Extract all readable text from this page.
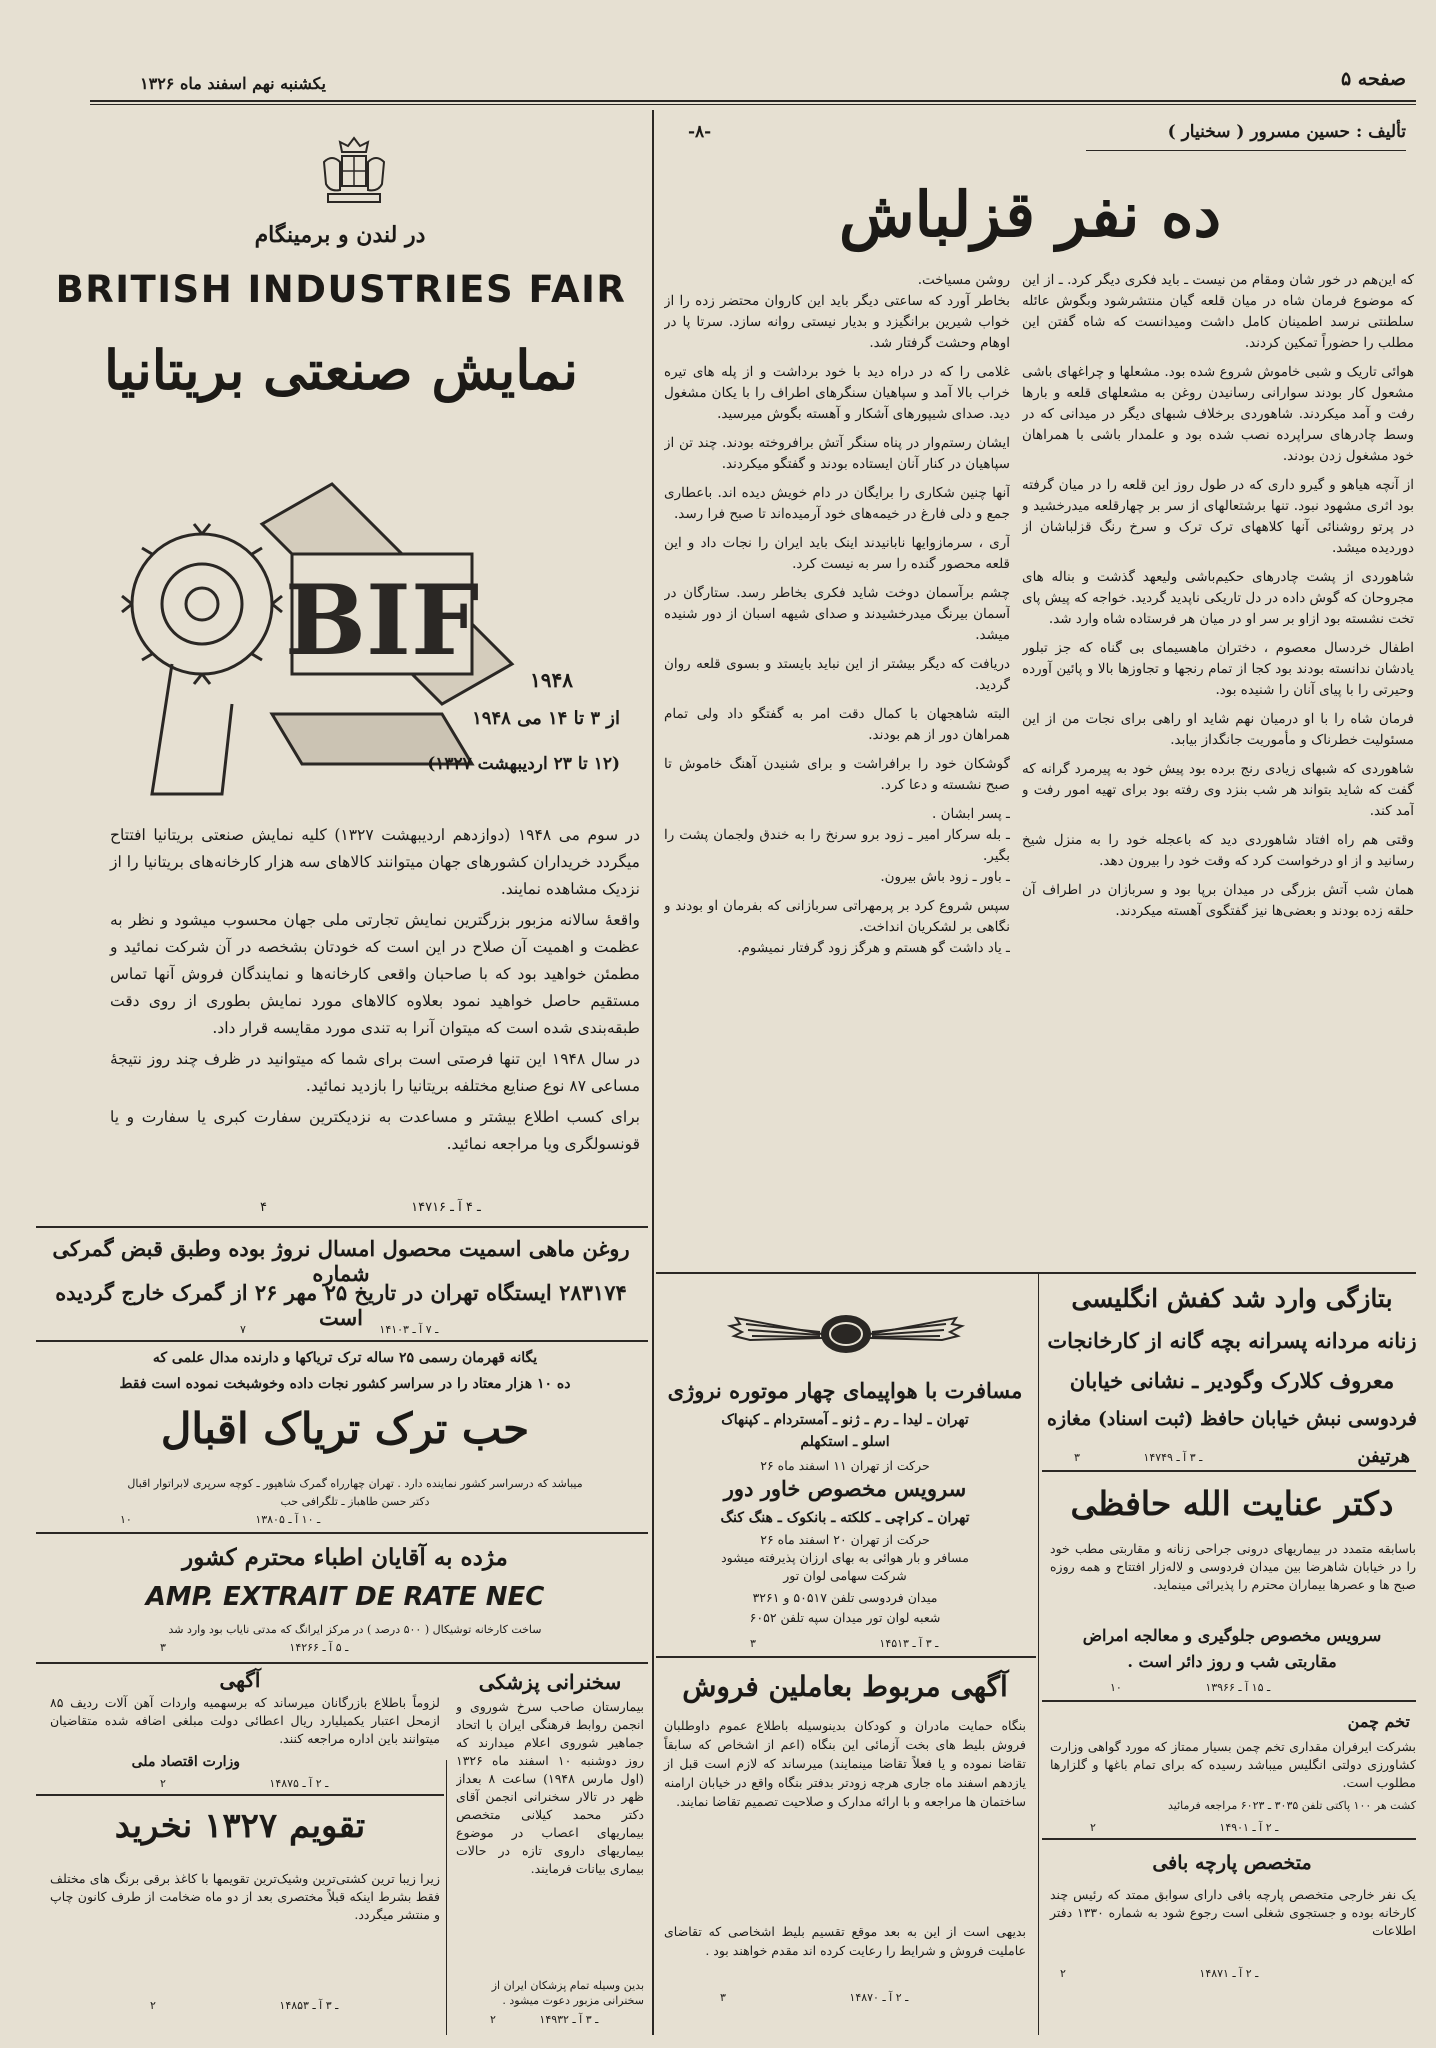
صفحه ۵
یکشنبه نهم اسفند ماه ۱۳۲۶
تألیف : حسین مسرور ( سخنیار )
-۸-
ده نفر قزلباش

که این‌هم در خور شان ومقام من نیست ـ باید فکری دیگر کرد. ـ از این که موضوع فرمان شاه در میان قلعه گیان منتشرشود وبگوش عائله سلطنتی نرسد اطمینان کامل داشت ومیدانست که شاه گفتن این مطلب را حضوراً تمکین کردند.

هوائی تاریک و شبی خاموش شروع شده بود. مشعلها و چراغهای باشی مشعول کار بودند سوارانی رسانیدن روغن به مشعلهای قلعه و بارها رفت و آمد میکردند. شاهوردی برخلاف شبهای دیگر در میدانی که در وسط چادرهای سراپرده نصب شده بود و علمدار باشی با همراهان خود مشغول زدن بودند.

از آنچه هیاهو و گیرو داری که در طول روز این قلعه را در میان گرفته بود اثری مشهود نبود. تنها برشتعالهای از سر بر چهارقلعه میدرخشید و در پرتو روشنائی آنها کلاههای ترک ترک و سرخ رنگ قزلباشان از دوردیده میشد.

شاهوردی از پشت چادرهای حکیم‌باشی ولیعهد گذشت و بناله های مجروحان که گوش داده در دل تاریکی ناپدید گردید. خواجه که پیش پای تخت نشسته بود ازاو بر سر او در میان هر فرستاده شاه وارد شد.

اطفال خردسال معصوم ، دختران ماهسیمای بی گناه که جز تبلور یادشان ندانسته بودند بود کجا از تمام رنجها و تجاوزها بالا و پائین آورده وحیرتی را با پیای آنان را شنیده بود.

فرمان شاه را با او درمیان نهم شاید او راهی برای نجات من از این مسئولیت خطرناک و مأموریت جانگداز بیابد.

شاهوردی که شبهای زیادی رنج برده بود پیش خود به پیرمرد گرانه که گفت که شاید بتواند هر شب بنزد وی رفته بود برای تهیه امور رفت و آمد کند.

وقتی هم راه افتاد شاهوردی دید که باعجله خود را به منزل شیخ رسانید و از او درخواست کرد که وقت خود را بیرون دهد.

همان شب آتش بزرگی در میدان برپا بود و سربازان در اطراف آن حلقه زده بودند و بعضی‌ها نیز گفتگوی آهسته میکردند.

روشن مسیاخت.

بخاطر آورد که ساعتی دیگر باید این کاروان محتضر زده را از خواب شیرین برانگیزد و بدیار نیستی روانه سازد. سرتا پا در اوهام وحشت گرفتار شد.

غلامی را که در دراه دید با خود برداشت و از پله های تیره خراب بالا آمد و سپاهیان سنگرهای اطراف را با یکان مشغول دید. صدای شیپورهای آشکار و آهسته بگوش میرسید.

ایشان رستم‌وار در پناه سنگر آتش برافروخته بودند. چند تن از سپاهیان در کنار آنان ایستاده بودند و گفتگو میکردند.

آنها چنین شکاری را برایگان در دام خویش دیده اند. باعطاری جمع و دلی فارغ در خیمه‌های خود آرمیده‌اند تا صبح فرا رسد.

آری ، سرمازوایها نابانیدند اینک باید ایران را نجات داد و این قلعه محصور گنده را سر به نیست کرد.

چشم برآسمان دوخت شاید فکری بخاطر رسد. ستارگان در آسمان بیرنگ میدرخشیدند و صدای شیهه اسبان از دور شنیده میشد.

دریافت که دیگر بیشتر از این نباید بایستد و بسوی قلعه روان گردید.

البته شاهجهان با کمال دقت امر به گفتگو داد ولی تمام همراهان دور از هم بودند.

گوشکان خود را برافراشت و برای شنیدن آهنگ خاموش تا صبح نشسته و دعا کرد.

ـ پسر ابشان .

ـ بله سرکار امیر ـ زود برو سرنخ را به خندق ولجمان پشت را بگیر.

ـ باور ـ زود باش بیرون.

سپس شروع کرد بر پرمهراتی سربازانی که بفرمان او بودند و نگاهی بر لشکریان انداخت.

ـ یاد داشت گو هستم و هرگز زود گرفتار نمیشوم.

در لندن و برمینگام
BRITISH INDUSTRIES FAIR
نمایش صنعتی بریتانیا
BIF
۱۹۴۸
از ۳ تا ۱۴ می ۱۹۴۸
(۱۲ تا ۲۳ اردیبهشت ۱۳۲۷)

در سوم می ۱۹۴۸ (دوازدهم اردیبهشت ۱۳۲۷) کلیه نمایش صنعتی بریتانیا افتتاح میگردد خریداران کشورهای جهان میتوانند کالاهای سه هزار کارخانه‌های بریتانیا را از نزدیک مشاهده نمایند.

واقعهٔ سالانه مزبور بزرگترین نمایش تجارتی ملی جهان محسوب میشود و نظر به عظمت و اهمیت آن صلاح در این است که خودتان بشخصه در آن شرکت نمائید و مطمئن خواهید بود که با صاحبان واقعی کارخانه‌ها و نمایندگان فروش آنها تماس مستقیم حاصل خواهید نمود بعلاوه کالاهای مورد نمایش بطوری از روی دقت طبقه‌بندی شده است که میتوان آنرا به تندی مورد مقایسه قرار داد.

در سال ۱۹۴۸ این تنها فرصتی است برای شما که میتوانید در ظرف چند روز نتیجهٔ مساعی ۸۷ نوع صنایع مختلفه بریتانیا را بازدید نمائید.

برای کسب اطلاع بیشتر و مساعدت به نزدیکترین سفارت کبری یا سفارت و یا قونسولگری ویا مراجعه نمائید.

۴ ـ ۴ آ ـ ۱۴۷۱۶
روغن ماهی اسمیت محصول امسال نروژ بوده وطبق قبض گمرکی شماره
۲۸۳۱۷۴ ایستگاه تهران در تاریخ ۲۵ مهر ۲۶ از گمرک خارج گردیده است
۷ ـ ۷ آ ـ ۱۴۱۰۳
یگانه قهرمان رسمی ۲۵ ساله ترک تریاکها و دارنده مدال علمی که
ده ۱۰ هزار معتاد را در سراسر کشور نجات داده وخوشبخت نموده است فقط
حب ترک تریاک اقبال
میباشد که درسراسر کشور نماینده دارد . تهران چهارراه گمرک شاهپور ـ کوچه سرپری لابراتوار اقبال
دکتر حسن طاهباز ـ تلگرافی حب
۱۰ ـ ۱۰ آ ـ ۱۳۸۰۵
مژده به آقایان اطباء محترم کشور
AMP. EXTRAIT DE RATE NEC
ساخت کارخانه توشیکال ( ۵۰۰ درصد ) در مرکز ایرانگ که مدتی نایاب بود وارد شد
۳ ـ ۵ آ ـ ۱۴۲۶۶
آگهی
لزوماً باطلاع بازرگانان میرساند که برسهمیه واردات آهن آلات ردیف ۸۵ ازمحل اعتبار یکمیلیارد ریال اعطائی دولت مبلغی اضافه شده متقاضیان میتوانند باین اداره مراجعه کنند.
وزارت اقتصاد ملی
۲ ـ ۲ آ ـ ۱۴۸۷۵
تقویم ۱۳۲۷ نخرید
زیرا زیبا ترین کشتی‌ترین وشیک‌ترین تقویمها با کاغذ برقی برنگ های مختلف فقط بشرط اینکه قبلاً مختصری بعد از دو ماه ضخامت از طرف کانون چاپ و منتشر میگردد.
۲ ـ ۳ آ ـ ۱۴۸۵۳
سخنرانی پزشکی
بیمارستان صاحب سرخ شوروی و انجمن روابط فرهنگی ایران با اتحاد جماهیر شوروی اعلام میدارند که روز دوشنبه ۱۰ اسفند ماه ۱۳۲۶ (اول مارس ۱۹۴۸) ساعت ۸ بعداز ظهر در تالار سخنرانی انجمن آقای دکتر محمد کیلانی متخصص بیماریهای اعصاب در موضوع بیماریهای داروی تازه در حالات بیماری بیانات فرمایند.
بدین وسیله تمام پزشکان ایران از سخنرانی مزبور دعوت میشود .
۲ ـ ۳ آ ـ ۱۴۹۳۲
مسافرت با هواپیمای چهار موتوره نروژی
تهران ـ لیدا ـ رم ـ ژنو ـ آمستردام ـ کپنهاک
اسلو ـ استکهلم
حرکت از تهران ۱۱ اسفند ماه ۲۶
سرویس مخصوص خاور دور
تهران ـ کراچی ـ کلکته ـ بانکوک ـ هنگ کنگ
حرکت از تهران ۲۰ اسفند ماه ۲۶
مسافر و بار هوائی به بهای ارزان پذیرفته میشود
شرکت سهامی لوان تور
میدان فردوسی تلفن ۵۰۵۱۷ و ۳۲۶۱
شعبه لوان تور میدان سپه تلفن ۶۰۵۲
۳ ـ ۳ آ ـ ۱۴۵۱۳
آگهی مربوط بعاملین فروش
بنگاه حمایت مادران و کودکان بدینوسیله باطلاع عموم داوطلبان فروش بلیط های بخت آزمائی این بنگاه (اعم از اشخاص که سابقاً تقاضا نموده و یا فعلاً تقاضا مینمایند) میرساند که لازم است قبل از یازدهم اسفند ماه جاری هرچه زودتر بدفتر بنگاه واقع در خیابان ارامنه ساختمان ها مراجعه و با ارائه مدارک و صلاحیت تصمیم تقاضا نمایند.
بدیهی است از این به بعد موقع تقسیم بلیط اشخاصی که تقاضای عاملیت فروش و شرایط را رعایت کرده اند مقدم خواهند بود .
۳ ـ ۲ آ ـ ۱۴۸۷۰
بتازگی وارد شد کفش انگلیسی
زنانه مردانه پسرانه بچه گانه از کارخانجات
معروف کلارک وگودیر ـ نشانی خیابان
فردوسی نبش خیابان حافظ (ثبت اسناد) مغازه
هرتیفن
۳ ـ ۳ آ ـ ۱۴۷۴۹
دکتر عنایت الله حافظی
باسابقه متمدد در بیماریهای درونی جراحی زنانه و مقاربتی مطب خود را در خیابان شاهرضا بین میدان فردوسی و لاله‌زار افتتاح و همه روزه صبح ها و عصرها بیماران محترم را پذیرائی مینماید.
سرویس مخصوص جلوگیری و معالجه امراض
مقاربتی شب و روز دائر است .
۱۰ ـ ۱۵ آ ـ ۱۳۹۶۶
تخم چمن
بشرکت ایرفران مقداری تخم چمن بسیار ممتاز که مورد گواهی وزارت کشاورزی دولتی انگلیس میباشد رسیده که برای تمام باغها و گلزارها مطلوب است.
کشت هر ۱۰۰ پاکتی تلفن ۳۰۳۵ ـ ۶۰۲۳ مراجعه فرمائید
۲ ـ ۲ آ ـ ۱۴۹۰۱
متخصص پارچه بافی
یک نفر خارجی متخصص پارچه بافی دارای سوابق ممتد که رئیس چند کارخانه بوده و جستجوی شغلی است رجوع شود به شماره ۱۳۳۰ دفتر اطلاعات
۲ ـ ۲ آ ـ ۱۴۸۷۱
